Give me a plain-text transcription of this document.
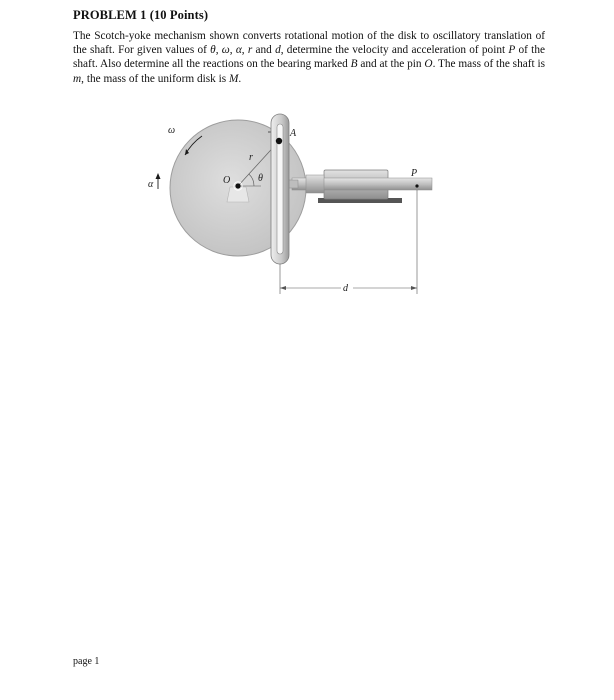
PROBLEM 1 (10 Points)
The Scotch-yoke mechanism shown converts rotational motion of the disk to oscillatory translation of the shaft. For given values of θ, ω, α, r and d, determine the velocity and acceleration of point P of the shaft. Also determine all the reactions on the bearing marked B and at the pin O. The mass of the shaft is m, the mass of the uniform disk is M.
ω
α
r
θ
O
A
P
d
page 1
